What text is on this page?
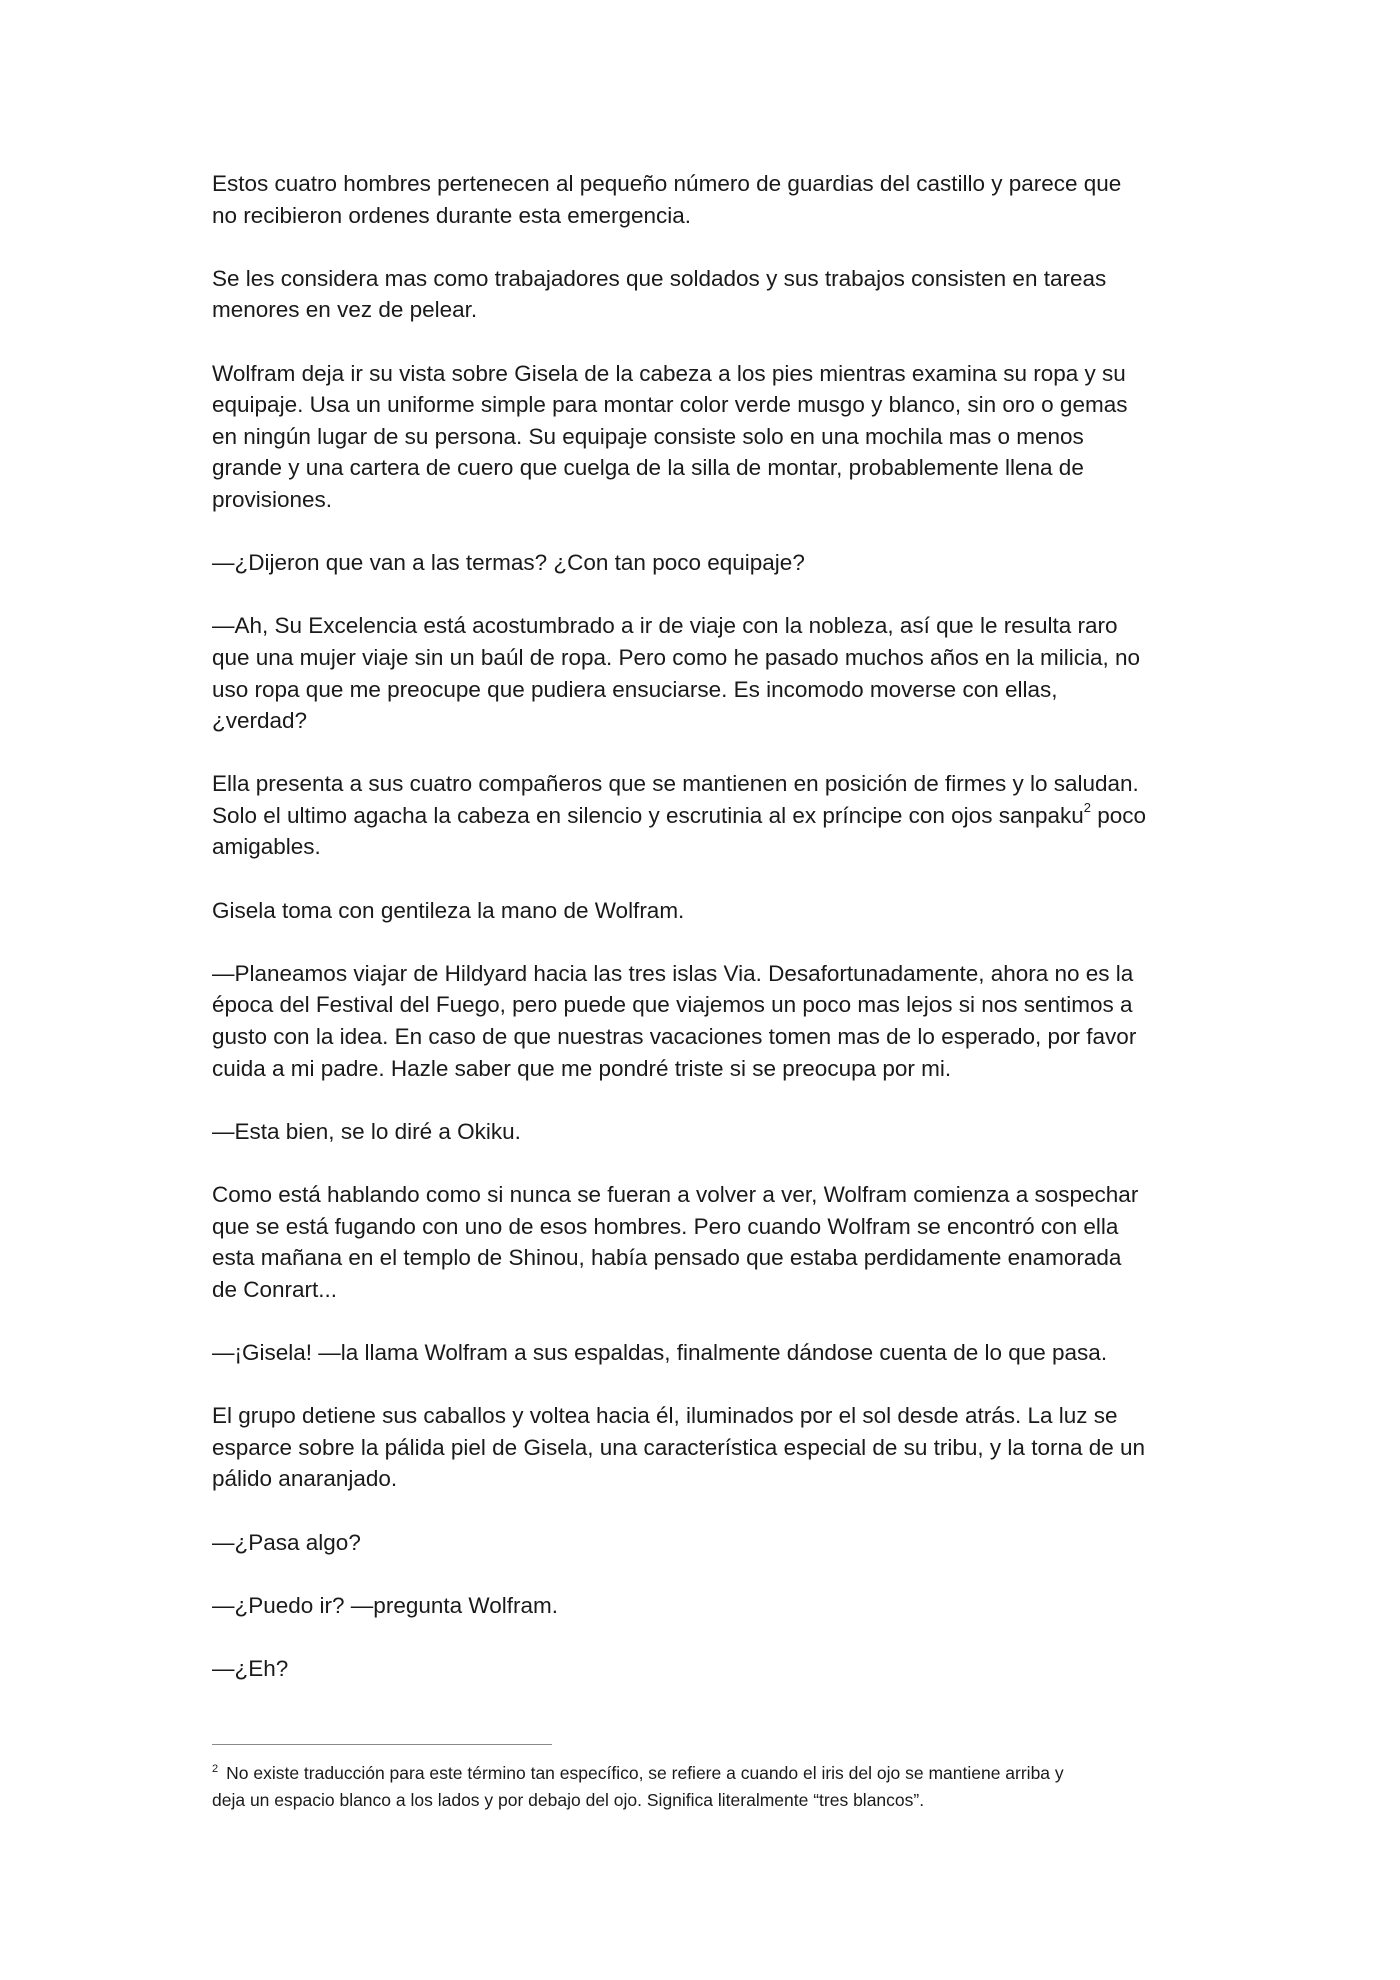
Estos cuatro hombres pertenecen al pequeño número de guardias del castillo y parece que
no recibieron ordenes durante esta emergencia.

Se les considera mas como trabajadores que soldados y sus trabajos consisten en tareas
menores en vez de pelear.

Wolfram deja ir su vista sobre Gisela de la cabeza a los pies mientras examina su ropa y su
equipaje. Usa un uniforme simple para montar color verde musgo y blanco, sin oro o gemas
en ningún lugar de su persona. Su equipaje consiste solo en una mochila mas o menos
grande y una cartera de cuero que cuelga de la silla de montar, probablemente llena de
provisiones.

—¿Dijeron que van a las termas? ¿Con tan poco equipaje?

—Ah, Su Excelencia está acostumbrado a ir de viaje con la nobleza, así que le resulta raro
que una mujer viaje sin un baúl de ropa. Pero como he pasado muchos años en la milicia, no
uso ropa que me preocupe que pudiera ensuciarse. Es incomodo moverse con ellas,
¿verdad?

Ella presenta a sus cuatro compañeros que se mantienen en posición de firmes y lo saludan.
Solo el ultimo agacha la cabeza en silencio y escrutinia al ex príncipe con ojos sanpaku$^2$ poco
amigables.

Gisela toma con gentileza la mano de Wolfram.

—Planeamos viajar de Hildyard hacia las tres islas Via. Desafortunadamente, ahora no es la
época del Festival del Fuego, pero puede que viajemos un poco mas lejos si nos sentimos a
gusto con la idea. En caso de que nuestras vacaciones tomen mas de lo esperado, por favor
cuida a mi padre. Hazle saber que me pondré triste si se preocupa por mi.

—Esta bien, se lo diré a Okiku.

Como está hablando como si nunca se fueran a volver a ver, Wolfram comienza a sospechar
que se está fugando con uno de esos hombres. Pero cuando Wolfram se encontró con ella
esta mañana en el templo de Shinou, había pensado que estaba perdidamente enamorada
de Conrart...

—¡Gisela! —la llama Wolfram a sus espaldas, finalmente dándose cuenta de lo que pasa.

El grupo detiene sus caballos y voltea hacia él, iluminados por el sol desde atrás. La luz se
esparce sobre la pálida piel de Gisela, una característica especial de su tribu, y la torna de un
pálido anaranjado.

—¿Pasa algo?

—¿Puedo ir? —pregunta Wolfram.

—¿Eh?

$^2$ No existe traducción para este término tan específico, se refiere a cuando el iris del ojo se mantiene arriba y
deja un espacio blanco a los lados y por debajo del ojo. Significa literalmente “tres blancos”.
